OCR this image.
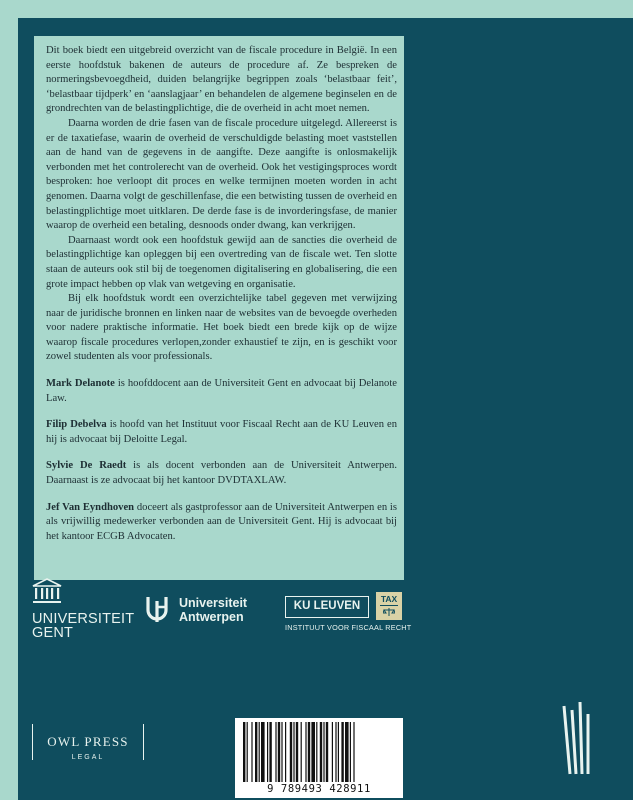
Dit boek biedt een uitgebreid overzicht van de fiscale procedure in België. In een eerste hoofdstuk bakenen de auteurs de procedure af. Ze bespreken de normeringsbevoegdheid, duiden belangrijke begrippen zoals ‘belastbaar feit’, ‘belastbaar tijdperk’ en ‘aanslagjaar’ en behandelen de algemene beginselen en de grondrechten van de belastingplichtige, die de overheid in acht moet nemen.

Daarna worden de drie fasen van de fiscale procedure uitgelegd. Allereerst is er de taxatiefase, waarin de overheid de verschuldigde belasting moet vaststellen aan de hand van de gegevens in de aangifte. Deze aangifte is onlosmakelijk verbonden met het controlerecht van de overheid. Ook het vestigingsproces wordt besproken: hoe verloopt dit proces en welke termijnen moeten worden in acht genomen. Daarna volgt de geschillenfase, die een betwisting tussen de overheid en belastingplichtige moet uitklaren. De derde fase is de invorderingsfase, de manier waarop de overheid een betaling, desnoods onder dwang, kan verkrijgen.

Daarnaast wordt ook een hoofdstuk gewijd aan de sancties die overheid de belastingplichtige kan opleggen bij een overtreding van de fiscale wet. Ten slotte staan de auteurs ook stil bij de toegenomen digitalisering en globalisering, die een grote impact hebben op vlak van wetgeving en organisatie.

Bij elk hoofdstuk wordt een overzichtelijke tabel gegeven met verwijzing naar de juridische bronnen en linken naar de websites van de bevoegde overheden voor nadere praktische informatie. Het boek biedt een brede kijk op de wijze waarop fiscale procedures verlopen,zonder exhaustief te zijn, en is geschikt voor zowel studenten als voor professionals.

Mark Delanote is hoofddocent aan de Universiteit Gent en advocaat bij Delanote Law.

Filip Debelva is hoofd van het Instituut voor Fiscaal Recht aan de KU Leuven en hij is advocaat bij Deloitte Legal.

Sylvie De Raedt is als docent verbonden aan de Universiteit Antwerpen. Daarnaast is ze advocaat bij het kantoor DVDTAXLAW.

Jef Van Eyndhoven doceert als gastprofessor aan de Universiteit Antwerpen en is als vrijwillig medewerker verbonden aan de Universiteit Gent. Hij is advocaat bij het kantoor ECGB Advocaten.

UNIVERSITEIT
GENT
Universiteit
Antwerpen
KU LEUVEN
TAX
INSTITUUT VOOR FISCAAL RECHT
OWL PRESS
LEGAL
9 789493 428911
